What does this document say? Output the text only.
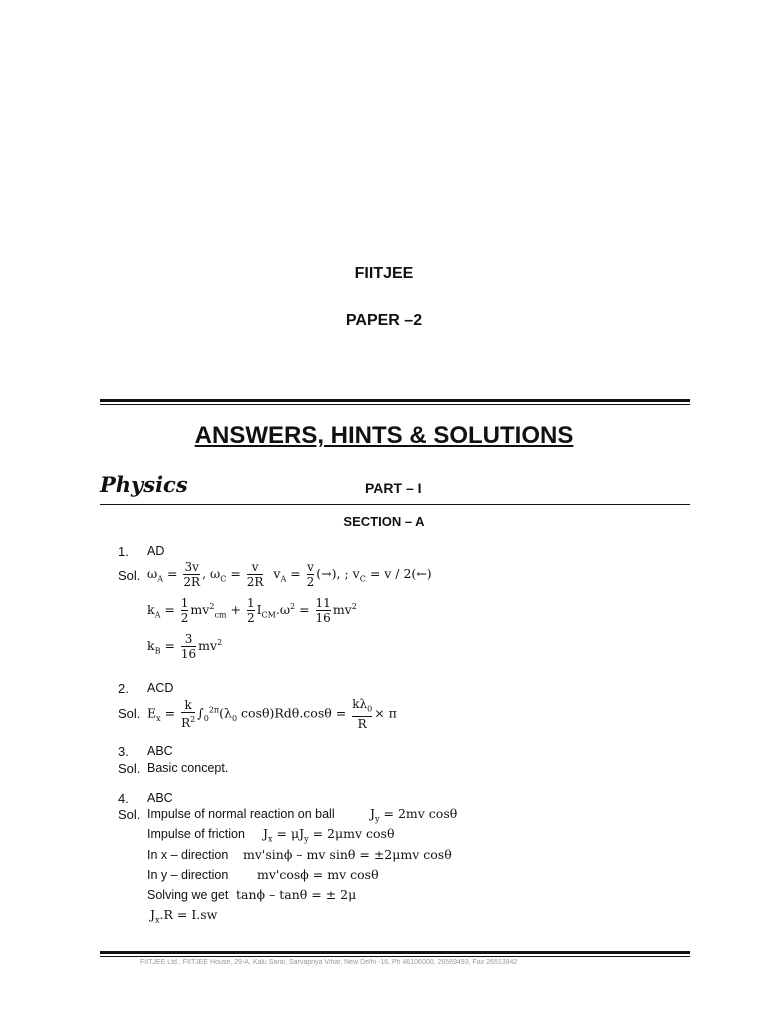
FIITJEE
PAPER –2
ANSWERS, HINTS & SOLUTIONS
Physics	PART – I
SECTION – A
1. AD
Sol. $\omega_A = \frac{3v}{2R}$ , $\omega_C = \frac{v}{2R} v_A = \frac{v}{2}$ (→), ; $v_C = v$ / 2(←)
$k_A = \frac{1}{2} mv^2_{cm} + \frac{1}{2} I_{CM}.\omega^2 = \frac{11}{16} mv^2$
$k_B = \frac{3}{16} mv^2$
2. ACD
Sol. $E_x = \frac{k}{R^2} \int_0^{2\pi}(\lambda_0$ $\cos\theta)Rd\theta.\cos\theta = \frac{k\lambda_0}{R} \times \pi$
3. ABC
Sol. Basic concept.
4. ABC
Sol. Impulse of normal reaction on ball	$J_y = 2mv$ cosθ
Impulse of friction $J_x = \mu J_y = 2\mu mv$ cosθ
In x – direction mv'sinϕ – mv sinθ = ±2μmv cosθ
In y – direction mv'cosϕ = mv cosθ
Solving we get tanϕ – tanθ = ± 2μ
$J_x.R = I.sw$
FIITJEE Ltd., FIITJEE House, 29-A, Kalu Sarai, Sarvapriya Vihar, New Delhi -16, Ph 46106000, 26569493, Fax 26513942
